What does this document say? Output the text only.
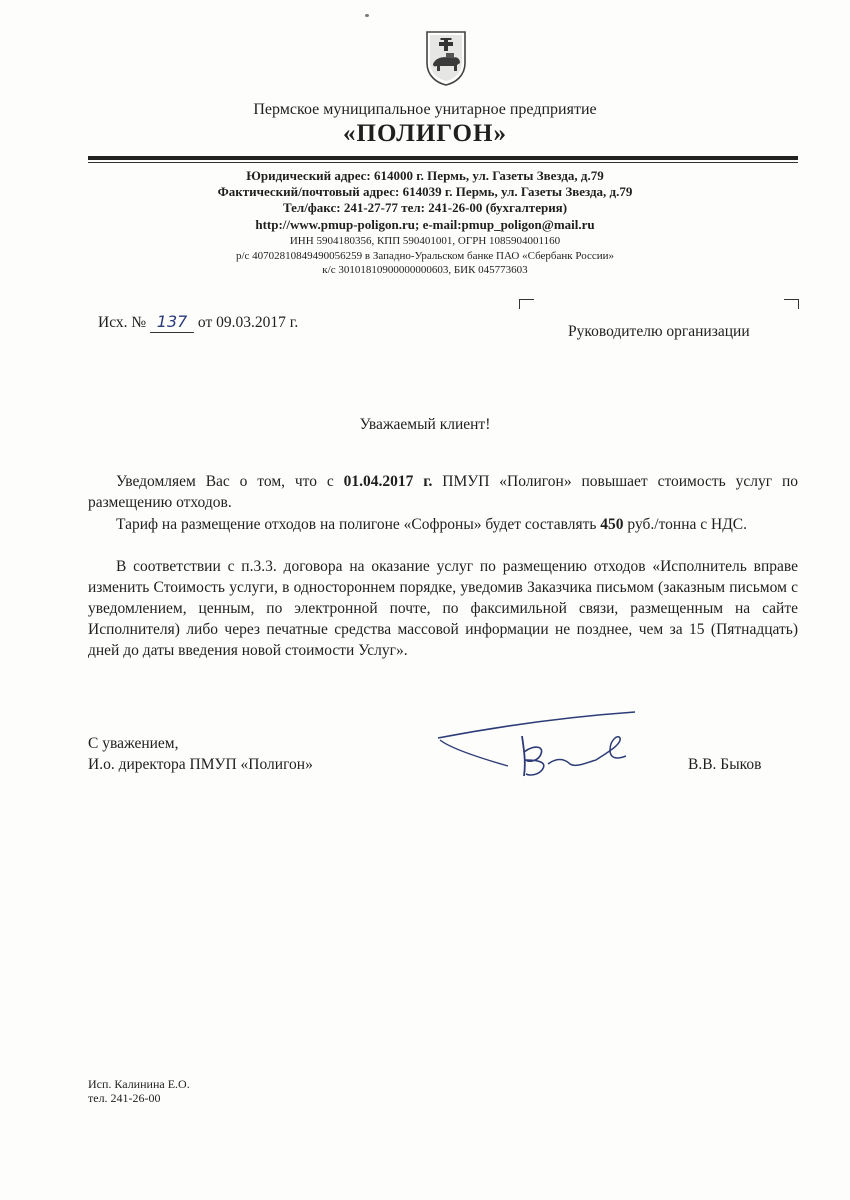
Пермское муниципальное унитарное предприятие
«ПОЛИГОН»
Юридический адрес: 614000 г. Пермь, ул. Газеты Звезда, д.79
Фактический/почтовый адрес: 614039 г. Пермь, ул. Газеты Звезда, д.79
Тел/факс: 241-27-77 тел: 241-26-00 (бухгалтерия)
http://www.pmup-poligon.ru; e-mail:pmup_poligon@mail.ru
ИНН 5904180356, КПП 590401001, ОГРН 1085904001160
р/с 40702810849490056259 в Западно-Уральском банке ПАО «Сбербанк России»
к/с 30101810900000000603, БИК 045773603
Исх. № 137 от 09.03.2017 г.
Руководителю организации
Уважаемый клиент!
Уведомляем Вас о том, что с 01.04.2017 г. ПМУП «Полигон» повышает стоимость услуг по размещению отходов.
Тариф на размещение отходов на полигоне «Софроны» будет составлять 450 руб./тонна с НДС.
В соответствии с п.3.3. договора на оказание услуг по размещению отходов «Исполнитель вправе изменить Стоимость услуги, в одностороннем порядке, уведомив Заказчика письмом (заказным письмом с уведомлением, ценным, по электронной почте, по факсимильной связи, размещенным на сайте Исполнителя) либо через печатные средства массовой информации не позднее, чем за 15 (Пятнадцать) дней до даты введения новой стоимости Услуг».
С уважением,
И.о. директора ПМУП «Полигон»	В.В. Быков
Исп. Калинина Е.О.
тел. 241-26-00
